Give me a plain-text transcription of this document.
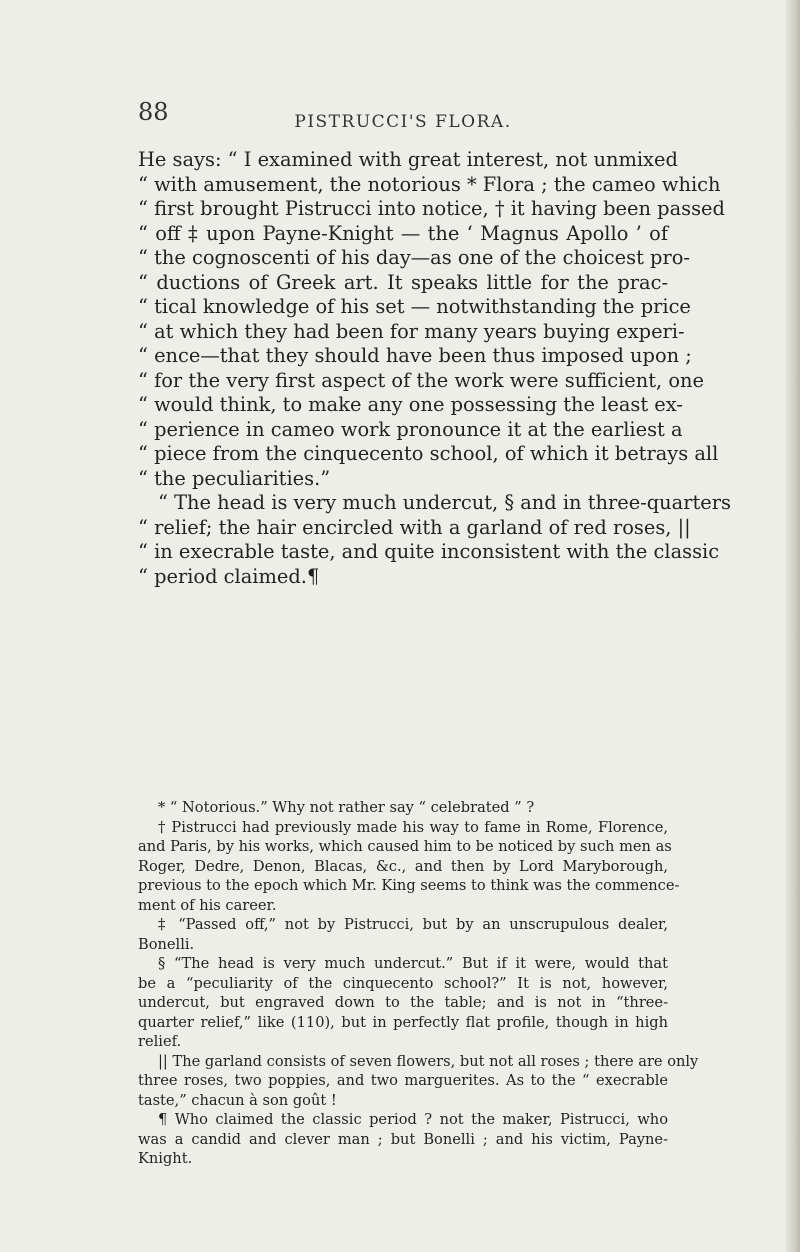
88	PISTRUCCI'S FLORA.
He says: “ I examined with great interest, not unmixed
“ with amusement, the notorious * Flora ; the cameo which
“ first brought Pistrucci into notice, † it having been passed
“ off ‡ upon Payne-Knight — the ‘ Magnus Apollo ’ of
“ the cognoscenti of his day—as one of the choicest pro-
“ ductions of Greek art. It speaks little for the prac-
“ tical knowledge of his set — notwithstanding the price
“ at which they had been for many years buying experi-
“ ence—that they should have been thus imposed upon ;
“ for the very first aspect of the work were sufficient, one
“ would think, to make any one possessing the least ex-
“ perience in cameo work pronounce it at the earliest a
“ piece from the cinquecento school, of which it betrays all
“ the peculiarities.”
“ The head is very much undercut, § and in three-quarters
“ relief; the hair encircled with a garland of red roses, ||
“ in execrable taste, and quite inconsistent with the classic
“ period claimed.¶
* “ Notorious.” Why not rather say “ celebrated ” ?
† Pistrucci had previously made his way to fame in Rome, Florence,
and Paris, by his works, which caused him to be noticed by such men as
Roger, Dedre, Denon, Blacas, &c., and then by Lord Maryborough,
previous to the epoch which Mr. King seems to think was the commence-
ment of his career.
‡ “Passed off,” not by Pistrucci, but by an unscrupulous dealer,
Bonelli.
§ “The head is very much undercut.” But if it were, would that
be a “peculiarity of the cinquecento school?” It is not, however,
undercut, but engraved down to the table; and is not in “three-
quarter relief,” like (110), but in perfectly flat profile, though in high
relief.
|| The garland consists of seven flowers, but not all roses ; there are only
three roses, two poppies, and two marguerites. As to the “ execrable
taste,” chacun à son goût !
¶ Who claimed the classic period ? not the maker, Pistrucci, who
was a candid and clever man ; but Bonelli ; and his victim, Payne-
Knight.
